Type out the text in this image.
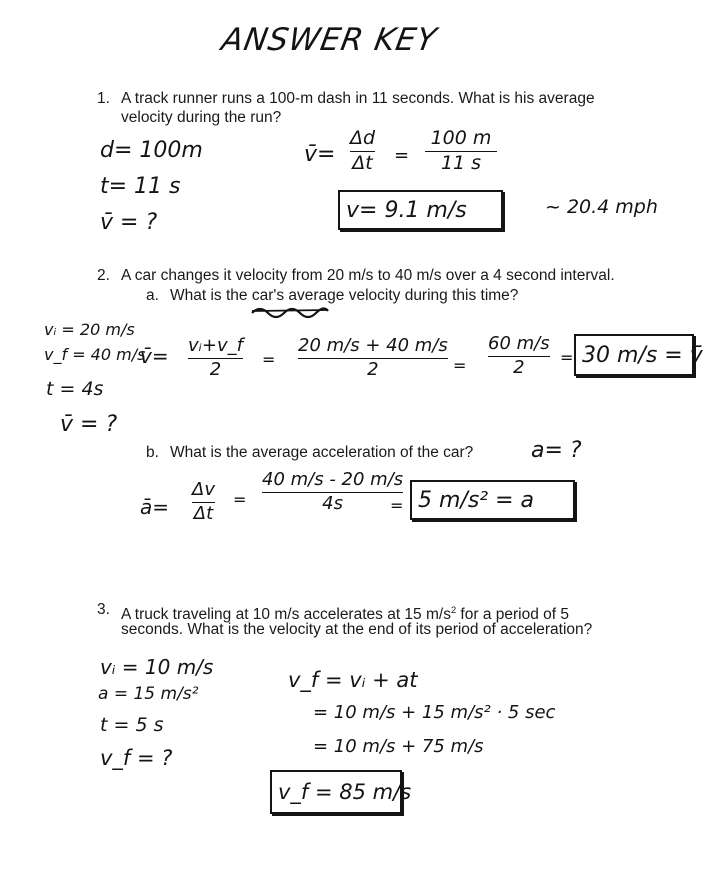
ANSWER KEY
1. A track runner runs a 100-m dash in 11 seconds. What is his average
velocity during the run?
d= 100m
t= 11 s
v̄ = ?
v̄=
Δd
Δt =
100 m
11 s
v= 9.1 m/s	~ 20.4 mph
2. A car changes it velocity from 20 m/s to 40 m/s over a 4 second interval.
a. What is the car's average velocity during this time?
vᵢ = 20 m/s
v_f = 40 m/s
t = 4s
v̄ = ?
v̄= vᵢ+v_f
2	=
20 m/s + 40 m/s
2	=
60 m/s
2 = 30 m/s = v̄
b. What is the average acceleration of the car?	a= ?
ā=
Δv
Δt
=
40 m/s - 20 m/s
4s	= 5 m/s² = a
3. A truck traveling at 10 m/s accelerates at 15 $m/s^2$ for a period of 5
seconds. What is the velocity at the end of its period of acceleration?
vᵢ = 10 m/s
a = 15 m/s²
t = 5 s
v_f = ?
v_f = vᵢ + at
= 10 m/s + 15 m/s² · 5 sec
= 10 m/s + 75 m/s
v_f = 85 m/s
